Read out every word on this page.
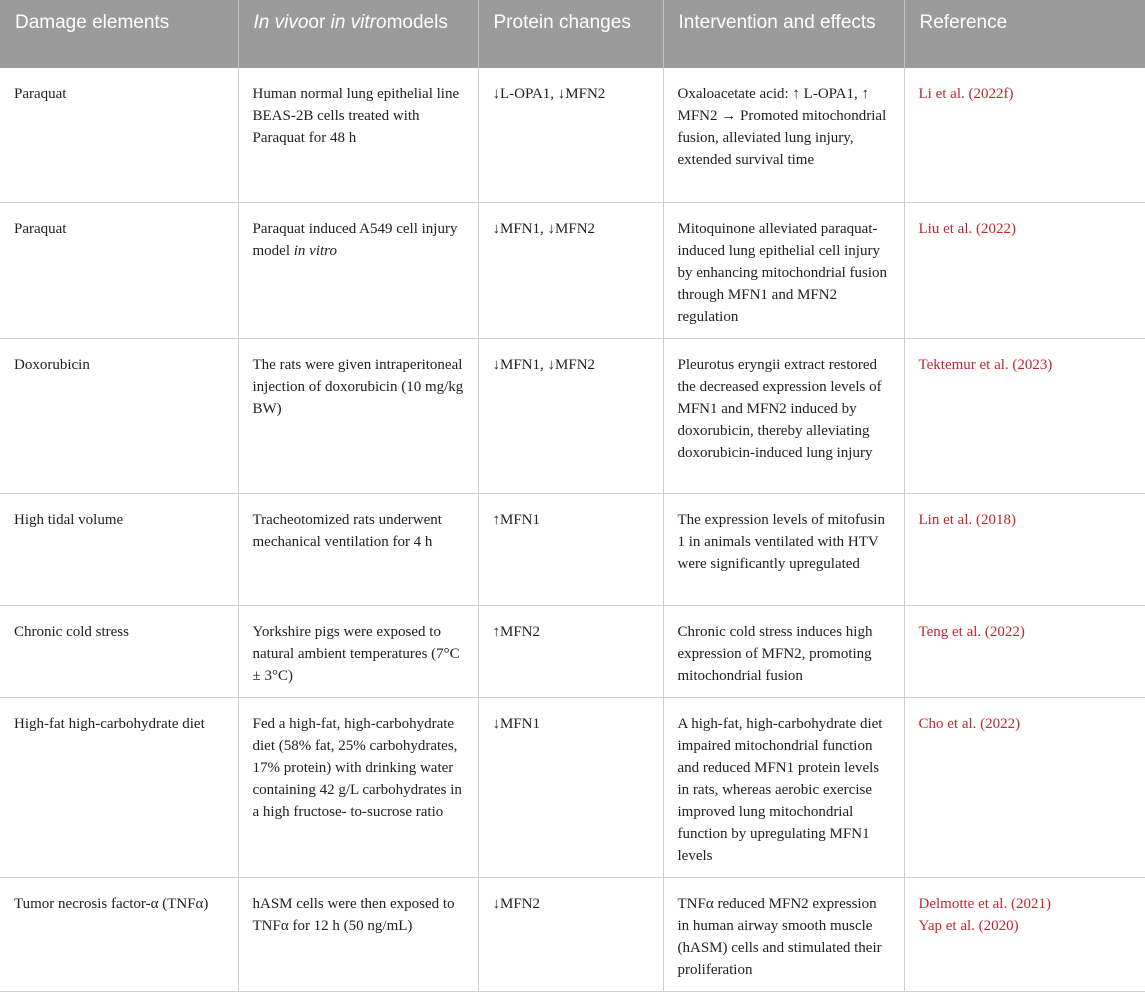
Damage elements	In vivoor in vitromodels	Protein changes	Intervention and effects	Reference
Paraquat	Human normal lung epithelial line BEAS-2B cells treated with Paraquat for 48 h	↓L-OPA1, ↓MFN2	Oxaloacetate acid: ↑ L-OPA1, ↑ MFN2 → Promoted mitochondrial fusion, alleviated lung injury, extended survival time	Li et al. (2022f)

Paraquat	Paraquat induced A549 cell injury model in vitro	↓MFN1, ↓MFN2	Mitoquinone alleviated paraquat-induced lung epithelial cell injury by enhancing mitochondrial fusion through MFN1 and MFN2 regulation	Liu et al. (2022)

Doxorubicin	The rats were given intraperitoneal injection of doxorubicin (10 mg/kg BW)	↓MFN1, ↓MFN2	Pleurotus eryngii extract restored the decreased expression levels of MFN1 and MFN2 induced by doxorubicin, thereby alleviating doxorubicin-induced lung injury	Tektemur et al. (2023)

High tidal volume	Tracheotomized rats underwent mechanical ventilation for 4 h	↑MFN1	The expression levels of mitofusin 1 in animals ventilated with HTV were significantly upregulated	Lin et al. (2018)

Chronic cold stress	Yorkshire pigs were exposed to natural ambient temperatures (7°C ± 3°C)	↑MFN2	Chronic cold stress induces high expression of MFN2, promoting mitochondrial fusion	Teng et al. (2022)

High-fat high-carbohydrate diet	Fed a high-fat, high-carbohydrate diet (58% fat, 25% carbohydrates, 17% protein) with drinking water containing 42 g/L carbohydrates in a high fructose- to-sucrose ratio	↓MFN1	A high-fat, high-carbohydrate diet impaired mitochondrial function and reduced MFN1 protein levels in rats, whereas aerobic exercise improved lung mitochondrial function by upregulating MFN1 levels	Cho et al. (2022)

Tumor necrosis factor-α (TNFα)	hASM cells were then exposed to TNFα for 12 h (50 ng/mL)	↓MFN2	TNFα reduced MFN2 expression in human airway smooth muscle (hASM) cells and stimulated their proliferation	Delmotte et al. (2021)
Yap et al. (2020)
